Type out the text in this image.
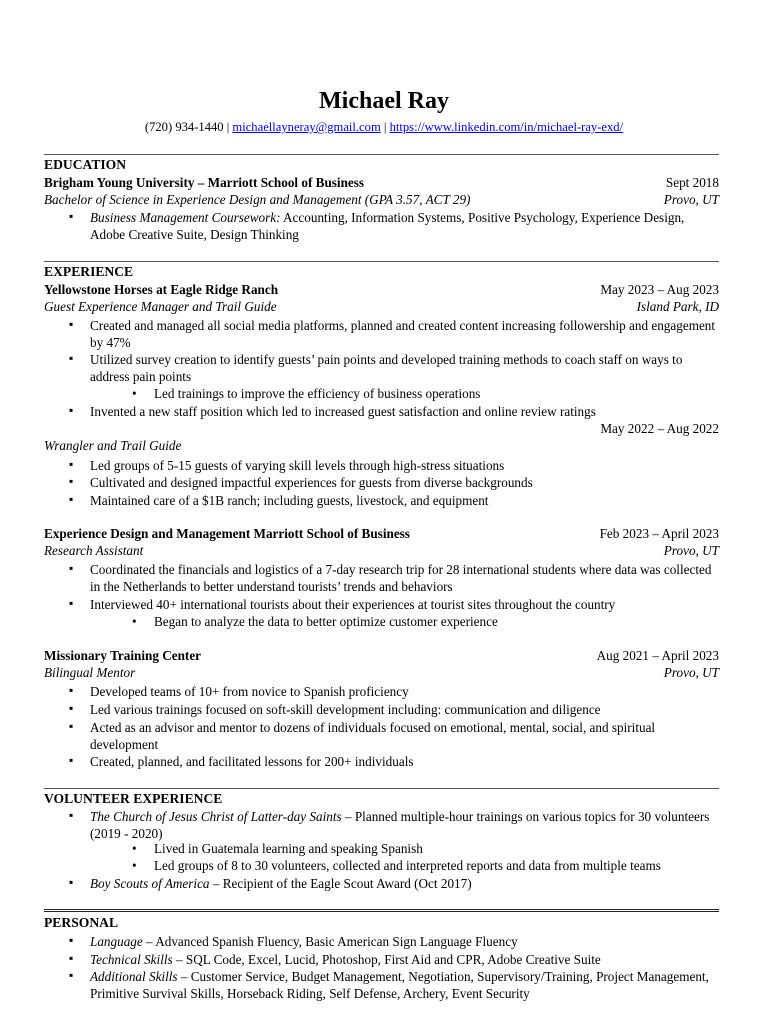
Michael Ray
(720) 934-1440 | michaellayneray@gmail.com | https://www.linkedin.com/in/michael-ray-exd/
EDUCATION
Brigham Young University – Marriott School of Business	Sept 2018
Bachelor of Science in Experience Design and Management (GPA 3.57, ACT 29)	Provo, UT
▪ Business Management Coursework: Accounting, Information Systems, Positive Psychology, Experience Design, Adobe Creative Suite, Design Thinking
EXPERIENCE
Yellowstone Horses at Eagle Ridge Ranch	May 2023 – Aug 2023
Guest Experience Manager and Trail Guide	Island Park, ID
▪ Created and managed all social media platforms, planned and created content increasing followership and engagement by 47%
▪ Utilized survey creation to identify guests’ pain points and developed training methods to coach staff on ways to address pain points
• Led trainings to improve the efficiency of business operations
▪ Invented a new staff position which led to increased guest satisfaction and online review ratings
May 2022 – Aug 2022
Wrangler and Trail Guide
▪ Led groups of 5-15 guests of varying skill levels through high-stress situations
▪ Cultivated and designed impactful experiences for guests from diverse backgrounds
▪ Maintained care of a $1B ranch; including guests, livestock, and equipment
Experience Design and Management Marriott School of Business	Feb 2023 – April 2023
Research Assistant	Provo, UT
▪ Coordinated the financials and logistics of a 7-day research trip for 28 international students where data was collected in the Netherlands to better understand tourists’ trends and behaviors
▪ Interviewed 40+ international tourists about their experiences at tourist sites throughout the country
• Began to analyze the data to better optimize customer experience
Missionary Training Center	Aug 2021 – April 2023
Bilingual Mentor	Provo, UT
▪ Developed teams of 10+ from novice to Spanish proficiency
▪ Led various trainings focused on soft-skill development including: communication and diligence
▪ Acted as an advisor and mentor to dozens of individuals focused on emotional, mental, social, and spiritual development
▪ Created, planned, and facilitated lessons for 200+ individuals
VOLUNTEER EXPERIENCE
▪ The Church of Jesus Christ of Latter-day Saints – Planned multiple-hour trainings on various topics for 30 volunteers (2019 - 2020)
• Lived in Guatemala learning and speaking Spanish
• Led groups of 8 to 30 volunteers, collected and interpreted reports and data from multiple teams
▪ Boy Scouts of America – Recipient of the Eagle Scout Award (Oct 2017)
PERSONAL
▪ Language – Advanced Spanish Fluency, Basic American Sign Language Fluency
▪ Technical Skills – SQL Code, Excel, Lucid, Photoshop, First Aid and CPR, Adobe Creative Suite
▪ Additional Skills – Customer Service, Budget Management, Negotiation, Supervisory/Training, Project Management, Primitive Survival Skills, Horseback Riding, Self Defense, Archery, Event Security
